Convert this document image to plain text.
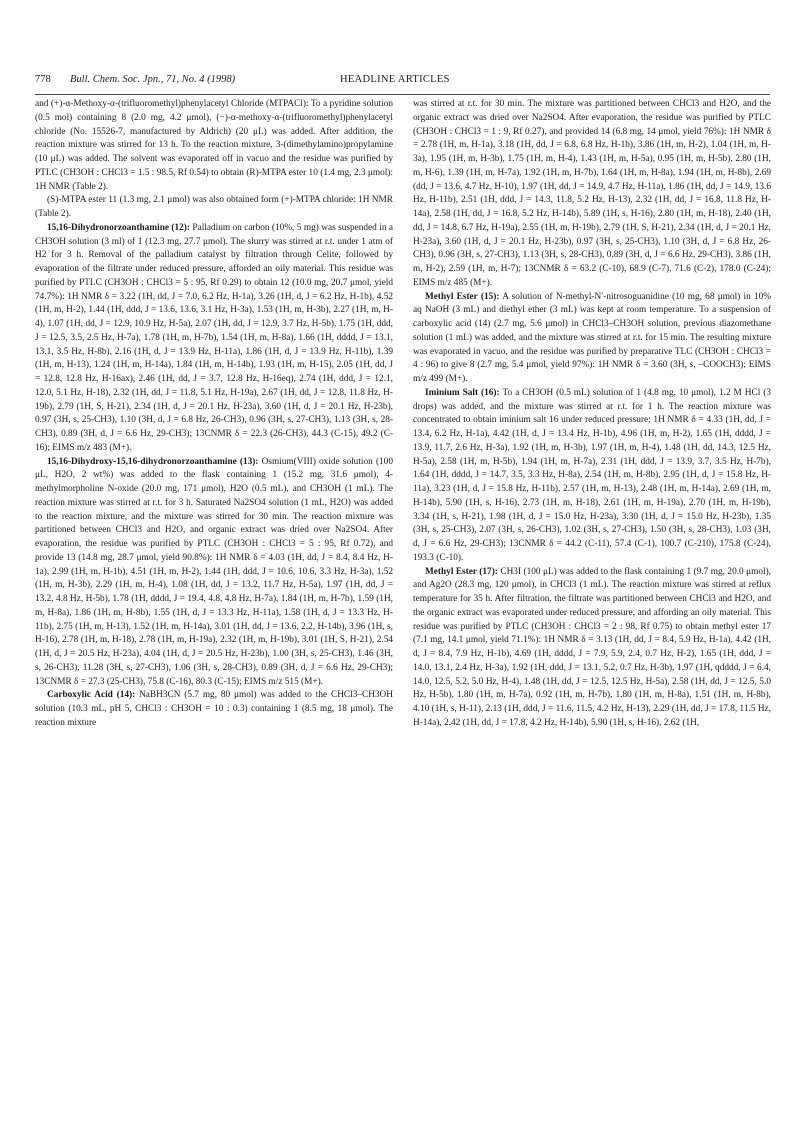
778 Bull. Chem. Soc. Jpn., 71, No. 4 (1998)	HEADLINE ARTICLES

and (+)-α-Methoxy-α-(trifluoromethyl)phenylacetyl Chloride (MTPACl): To a pyridine solution (0.5 mol) containing 8 (2.0 mg, 4.2 μmol), (−)-α-methoxy-α-(trifluoromethyl)phenylacetyl chloride (No. 15526-7, manufactured by Aldrich) (20 μL) was added. After addition, the reaction mixture was stirred for 13 h. To the reaction mixture, 3-(dimethylamino)propylamine (10 μL) was added. The solvent was evaporated off in vacuo and the residue was purified by PTLC (CH3OH : CHCl3 = 1.5 : 98.5, Rf 0.54) to obtain (R)-MTPA ester 10 (1.4 mg, 2.3 μmol): 1H NMR (Table 2).

(S)-MTPA ester 11 (1.3 mg, 2.1 μmol) was also obtained form (+)-MTPA chloride: 1H NMR (Table 2).

15,16-Dihydronorzoanthamine (12): Palladium on carbon (10%, 5 mg) was suspended in a CH3OH solution (3 ml) of 1 (12.3 mg, 27.7 μmol). The slurry was stirred at r.t. under 1 atm of H2 for 3 h. Removal of the palladium catalyst by filtration through Celite, followed by evaporation of the filtrate under reduced pressure, afforded an oily material. This residue was purified by PTLC (CH3OH : CHCl3 = 5 : 95, Rf 0.29) to obtain 12 (10.0 mg, 20.7 μmol, yield 74.7%): 1H NMR δ = 3.22 (1H, dd, J = 7.0, 6.2 Hz, H-1a), 3.26 (1H, d, J = 6.2 Hz, H-1b), 4.52 (1H, m, H-2), 1.44 (1H, ddd, J = 13.6, 13.6, 3.1 Hz, H-3a), 1.53 (1H, m, H-3b), 2.27 (1H, m, H-4), 1.07 (1H, dd, J = 12.9, 10.9 Hz, H-5a), 2.07 (1H, dd, J = 12.9, 3.7 Hz, H-5b), 1.75 (1H, ddd, J = 12.5, 3.5, 2.5 Hz, H-7a), 1.78 (1H, m, H-7b), 1.54 (1H, m, H-8a), 1.66 (1H, dddd, J = 13.1, 13.1, 3.5 Hz, H-8b), 2.16 (1H, d, J = 13.9 Hz, H-11a), 1.86 (1H, d, J = 13.9 Hz, H-11b), 1.39 (1H, m, H-13), 1.24 (1H, m, H-14a), 1.84 (1H, m, H-14b), 1.93 (1H, m, H-15), 2.05 (1H, dd, J = 12.8, 12.8 Hz, H-16ax), 2.46 (1H, dd, J = 3.7, 12.8 Hz, H-16eq), 2.74 (1H, ddd, J = 12.1, 12.0, 5.1 Hz, H-18), 2.32 (1H, dd, J = 11.8, 5.1 Hz, H-19a), 2.67 (1H, dd, J = 12.8, 11.8 Hz, H-19b), 2.79 (1H, S, H-21), 2.34 (1H, d, J = 20.1 Hz, H-23a), 3.60 (1H, d, J = 20.1 Hz, H-23b), 0.97 (3H, s, 25-CH3), 1.10 (3H, d, J = 6.8 Hz, 26-CH3), 0.96 (3H, s, 27-CH3), 1.13 (3H, s, 28-CH3), 0.89 (3H, d, J = 6.6 Hz, 29-CH3); 13CNMR δ = 22.3 (26-CH3), 44.3 (C-15), 49.2 (C-16); EIMS m/z 483 (M+).

15,16-Dihydroxy-15,16-dihydronorzoanthamine (13): Osmium(VIII) oxide solution (100 μL, H2O, 2 wt%) was added to the flask containing 1 (15.2 mg, 31.6 μmol), 4-methylmorpholine N-oxide (20.0 mg, 171 μmol), H2O (0.5 mL), and CH3OH (1 mL). The reaction mixture was stirred at r.t. for 3 h. Saturated Na2SO4 solution (1 mL, H2O) was added to the reaction mixture, and the mixture was stirred for 30 min. The reaction mixture was partitioned between CHCl3 and H2O, and organic extract was dried over Na2SO4. After evaporation, the residue was purified by PTLC (CH3OH : CHCl3 = 5 : 95, Rf 0.72), and provide 13 (14.8 mg, 28.7 μmol, yield 90.8%): 1H NMR δ = 4.03 (1H, dd, J = 8.4, 8.4 Hz, H-1a), 2.99 (1H, m, H-1b), 4.51 (1H, m, H-2), 1.44 (1H, ddd, J = 10.6, 10.6, 3.3 Hz, H-3a), 1.52 (1H, m, H-3b), 2.29 (1H, m, H-4), 1.08 (1H, dd, J = 13.2, 11.7 Hz, H-5a), 1.97 (1H, dd, J = 13.2, 4.8 Hz, H-5b), 1.78 (1H, dddd, J = 19.4, 4.8, 4.8 Hz, H-7a), 1.84 (1H, m, H-7b), 1.59 (1H, m, H-8a), 1.86 (1H, m, H-8b), 1.55 (1H, d, J = 13.3 Hz, H-11a), 1.58 (1H, d, J = 13.3 Hz, H-11b), 2.75 (1H, m, H-13), 1.52 (1H, m, H-14a), 3.01 (1H, dd, J = 13.6, 2.2, H-14b), 3.96 (1H, s, H-16), 2.78 (1H, m, H-18), 2.78 (1H, m, H-19a), 2.32 (1H, m, H-19b), 3.01 (1H, S, H-21), 2.54 (1H, d, J = 20.5 Hz, H-23a), 4.04 (1H, d, J = 20.5 Hz, H-23b), 1.00 (3H, s, 25-CH3), 1.46 (3H, s, 26-CH3), 11.28 (3H, s, 27-CH3), 1.06 (3H, s, 28-CH3), 0.89 (3H, d, J = 6.6 Hz, 29-CH3); 13CNMR δ = 27.3 (25-CH3), 75.8 (C-16), 80.3 (C-15); EIMS m/z 515 (M+).

Carboxylic Acid (14): NaBH3CN (5.7 mg, 80 μmol) was added to the CHCl3–CH3OH solution (10.3 mL, pH 5, CHCl3 : CH3OH = 10 : 0.3) containing 1 (8.5 mg, 18 μmol). The reaction mixture

was stirred at r.t. for 30 min. The mixture was partitioned between CHCl3 and H2O, and the organic extract was dried over Na2SO4. After evaporation, the residue was purified by PTLC (CH3OH : CHCl3 = 1 : 9, Rf 0.27), and provided 14 (6.8 mg, 14 μmol, yield 76%): 1H NMR δ = 2.78 (1H, m, H-1a), 3.18 (1H, dd, J = 6.8, 6.8 Hz, H-1b), 3.86 (1H, m, H-2), 1.04 (1H, m, H-3a), 1.95 (1H, m, H-3b), 1.75 (1H, m, H-4), 1.43 (1H, m, H-5a), 0.95 (1H, m, H-5b), 2.80 (1H, m, H-6), 1.39 (1H, m, H-7a), 1.92 (1H, m, H-7b), 1.64 (1H, m, H-8a), 1.94 (1H, m, H-8b), 2.69 (dd, J = 13.6, 4.7 Hz, H-10), 1.97 (1H, dd, J = 14.9, 4.7 Hz, H-11a), 1.86 (1H, dd, J = 14.9, 13.6 Hz, H-11b), 2.51 (1H, ddd, J = 14.3, 11.8, 5.2 Hz, H-13), 2.32 (1H, dd, J = 16.8, 11.8 Hz, H-14a), 2.58 (1H, dd, J = 16.8, 5.2 Hz, H-14b), 5.89 (1H, s, H-16), 2.80 (1H, m, H-18), 2.40 (1H, dd, J = 14.8, 6.7 Hz, H-19a), 2.55 (1H, m, H-19b), 2.79 (1H, S, H-21), 2.34 (1H, d, J = 20.1 Hz, H-23a), 3.60 (1H, d, J = 20.1 Hz, H-23b), 0.97 (3H, s, 25-CH3), 1.10 (3H, d, J = 6.8 Hz, 26-CH3), 0.96 (3H, s, 27-CH3), 1.13 (3H, s, 28-CH3), 0.89 (3H, d, J = 6.6 Hz, 29-CH3), 3.86 (1H, m, H-2), 2.59 (1H, m, H-7); 13CNMR δ = 63.2 (C-10), 68.9 (C-7), 71.6 (C-2), 178.0 (C-24); EIMS m/z 485 (M+).

Methyl Ester (15): A solution of N-methyl-N′-nitrosoguanidine (10 mg, 68 μmol) in 10% aq NaOH (3 mL) and diethyl ether (3 mL) was kept at room temperature. To a suspension of carboxylic acid (14) (2.7 mg, 5.6 μmol) in CHCl3–CH3OH solution, previous diazomethane solution (1 mL) was added, and the mixture was stirred at r.t. for 15 min. The resulting mixture was evaporated in vacuo, and the residue was purified by preparative TLC (CH3OH : CHCl3 = 4 : 96) to give 8 (2.7 mg, 5.4 μmol, yield 97%): 1H NMR δ = 3.60 (3H, s, –COOCH3); EIMS m/z 499 (M+).

Iminium Salt (16): To a CH3OH (0.5 mL) solution of 1 (4.8 mg, 10 μmol), 1.2 M HCl (3 drops) was added, and the mixture was stirred at r.t. for 1 h. The reaction mixture was concentrated to obtain iminium salt 16 under reduced pressure: 1H NMR δ = 4.33 (1H, dd, J = 13.4, 6.2 Hz, H-1a), 4.42 (1H, d, J = 13.4 Hz, H-1b), 4.96 (1H, m, H-2), 1.65 (1H, dddd, J = 13.9, 11.7, 2.6 Hz, H-3a), 1.92 (1H, m, H-3b), 1.97 (1H, m, H-4), 1.48 (1H, dd, 14.3, 12.5 Hz, H-5a), 2.58 (1H, m, H-5b), 1.94 (1H, m, H-7a), 2.31 (1H, ddd, J = 13.9, 3.7, 3.5 Hz, H-7b), 1.64 (1H, dddd, J = 14.7, 3.5, 3.3 Hz, H-8a), 2.54 (1H, m, H-8b), 2.95 (1H, d, J = 15.8 Hz, H-11a), 3.23 (1H, d, J = 15.8 Hz, H-11b), 2.57 (1H, m, H-13), 2.48 (1H, m, H-14a), 2.69 (1H, m, H-14b), 5.90 (1H, s, H-16), 2.73 (1H, m, H-18), 2.61 (1H, m, H-19a), 2.70 (1H, m, H-19b), 3.34 (1H, s, H-21), 1.98 (1H, d, J = 15.0 Hz, H-23a), 3.30 (1H, d, J = 15.0 Hz, H-23b), 1.35 (3H, s, 25-CH3), 2.07 (3H, s, 26-CH3), 1.02 (3H, s, 27-CH3), 1.50 (3H, s, 28-CH3), 1.03 (3H, d, J = 6.6 Hz, 29-CH3); 13CNMR δ = 44.2 (C-11), 57.4 (C-1), 100.7 (C-210), 175.8 (C-24), 193.3 (C-10).

Methyl Ester (17): CH3I (100 μL) was added to the flask containing 1 (9.7 mg, 20.0 μmol), and Ag2O (28.3 mg, 120 μmol), in CHCl3 (1 mL). The reaction mixture was stirred at reflux temperature for 35 h. After filtration, the filtrate was partitioned between CHCl3 and H2O, and the organic extract was evaporated under reduced pressure, and affording an oily material. This residue was purified by PTLC (CH3OH : CHCl3 = 2 : 98, Rf 0.75) to obtain methyl ester 17 (7.1 mg, 14.1 μmol, yield 71.1%): 1H NMR δ = 3.13 (1H, dd, J = 8.4, 5.9 Hz, H-1a), 4.42 (1H, d, J = 8.4, 7.9 Hz, H-1b), 4.69 (1H, dddd, J = 7.9, 5.9, 2.4, 0.7 Hz, H-2), 1.65 (1H, ddd, J = 14.0, 13.1, 2.4 Hz, H-3a), 1.92 (1H, ddd, J = 13.1, 5.2, 0.7 Hz, H-3b), 1.97 (1H, qdddd, J = 6.4, 14.0, 12.5, 5.2, 5.0 Hz, H-4), 1.48 (1H, dd, J = 12.5, 12.5 Hz, H-5a), 2.58 (1H, dd, J = 12.5, 5.0 Hz, H-5b), 1.80 (1H, m, H-7a), 0.92 (1H, m, H-7b), 1.80 (1H, m, H-8a), 1.51 (1H, m, H-8b), 4.10 (1H, s, H-11), 2.13 (1H, ddd, J = 11.6, 11.5, 4.2 Hz, H-13), 2.29 (1H, dd, J = 17.8, 11.5 Hz, H-14a), 2.42 (1H, dd, J = 17.8, 4.2 Hz, H-14b), 5.90 (1H, s, H-16), 2.62 (1H,
